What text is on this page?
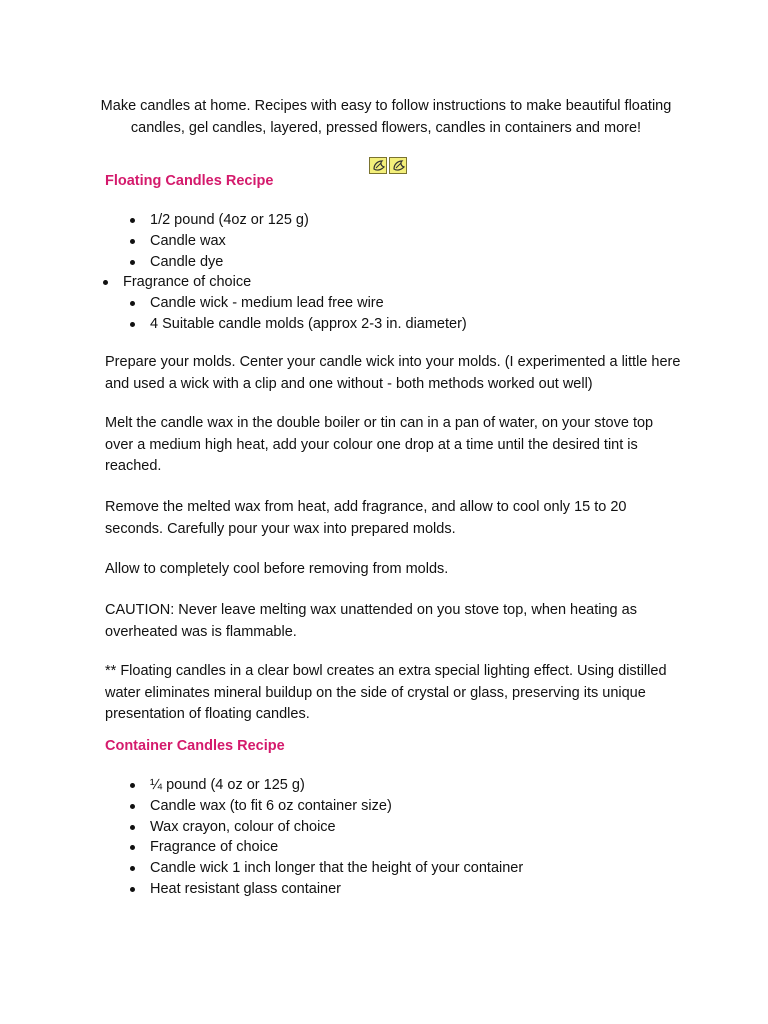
Make candles at home. Recipes with easy to follow instructions to make beautiful floating

candles, gel candles, layered, pressed flowers, candles in containers and more!

Floating Candles Recipe
1/2 pound (4oz or 125 g)
Candle wax
Candle dye
Fragrance of choice
Candle wick - medium lead free wire
4 Suitable candle molds (approx 2-3 in. diameter)

Prepare your molds. Center your candle wick into your molds. (I experimented a little here and used a wick with a clip and one without - both methods worked out well)

Melt the candle wax in the double boiler or tin can in a pan of water, on your stove top over a medium high heat, add your colour one drop at a time until the desired tint is reached.

Remove the melted wax from heat, add fragrance, and allow to cool only 15 to 20 seconds. Carefully pour your wax into prepared molds.

Allow to completely cool before removing from molds.

CAUTION: Never leave melting wax unattended on you stove top, when heating as overheated was is flammable.

** Floating candles in a clear bowl creates an extra special lighting effect. Using distilled water eliminates mineral buildup on the side of crystal or glass, preserving its unique presentation of floating candles.

Container Candles Recipe
¼ pound (4 oz or 125 g)
Candle wax (to fit 6 oz container size)
Wax crayon, colour of choice
Fragrance of choice
Candle wick 1 inch longer that the height of your container
Heat resistant glass container
